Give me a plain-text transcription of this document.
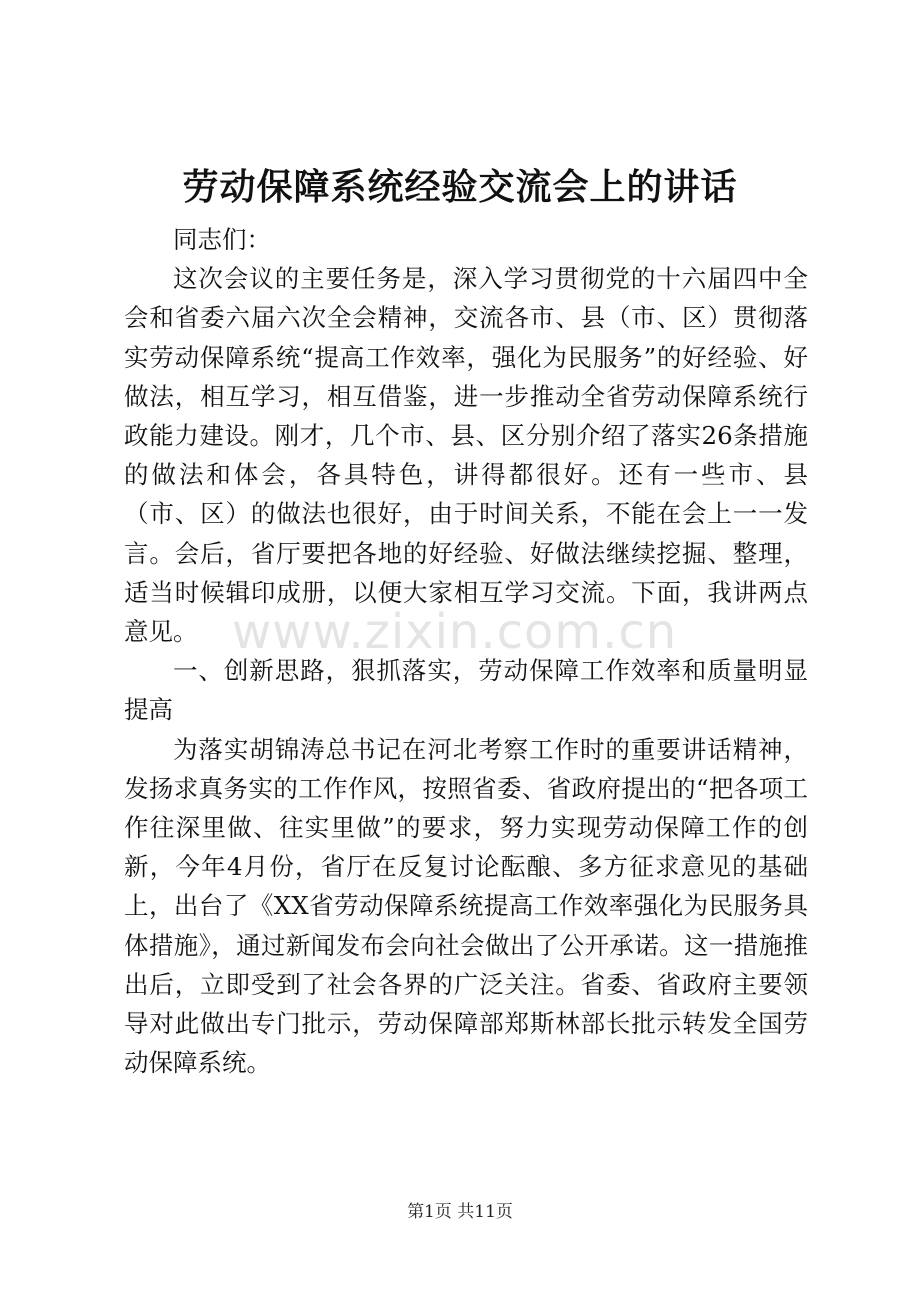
劳动保障系统经验交流会上的讲话

同志们：

这次会议的主要任务是，深入学习贯彻党的十六届四中全会和省委六届六次全会精神，交流各市、县（市、区）贯彻落实劳动保障系统“提高工作效率，强化为民服务”的好经验、好做法，相互学习，相互借鉴，进一步推动全省劳动保障系统行政能力建设。刚才，几个市、县、区分别介绍了落实26条措施的做法和体会，各具特色，讲得都很好。还有一些市、县（市、区）的做法也很好，由于时间关系，不能在会上一一发言。会后，省厅要把各地的好经验、好做法继续挖掘、整理，适当时候辑印成册，以便大家相互学习交流。下面，我讲两点意见。

一、创新思路，狠抓落实，劳动保障工作效率和质量明显提高

为落实胡锦涛总书记在河北考察工作时的重要讲话精神，发扬求真务实的工作作风，按照省委、省政府提出的“把各项工作往深里做、往实里做”的要求，努力实现劳动保障工作的创新，今年4月份，省厅在反复讨论酝酿、多方征求意见的基础上，出台了《XX省劳动保障系统提高工作效率强化为民服务具体措施》，通过新闻发布会向社会做出了公开承诺。这一措施推出后，立即受到了社会各界的广泛关注。省委、省政府主要领导对此做出专门批示，劳动保障部郑斯林部长批示转发全国劳动保障系统。

www.zixin.com.cn
第1页 共11页
